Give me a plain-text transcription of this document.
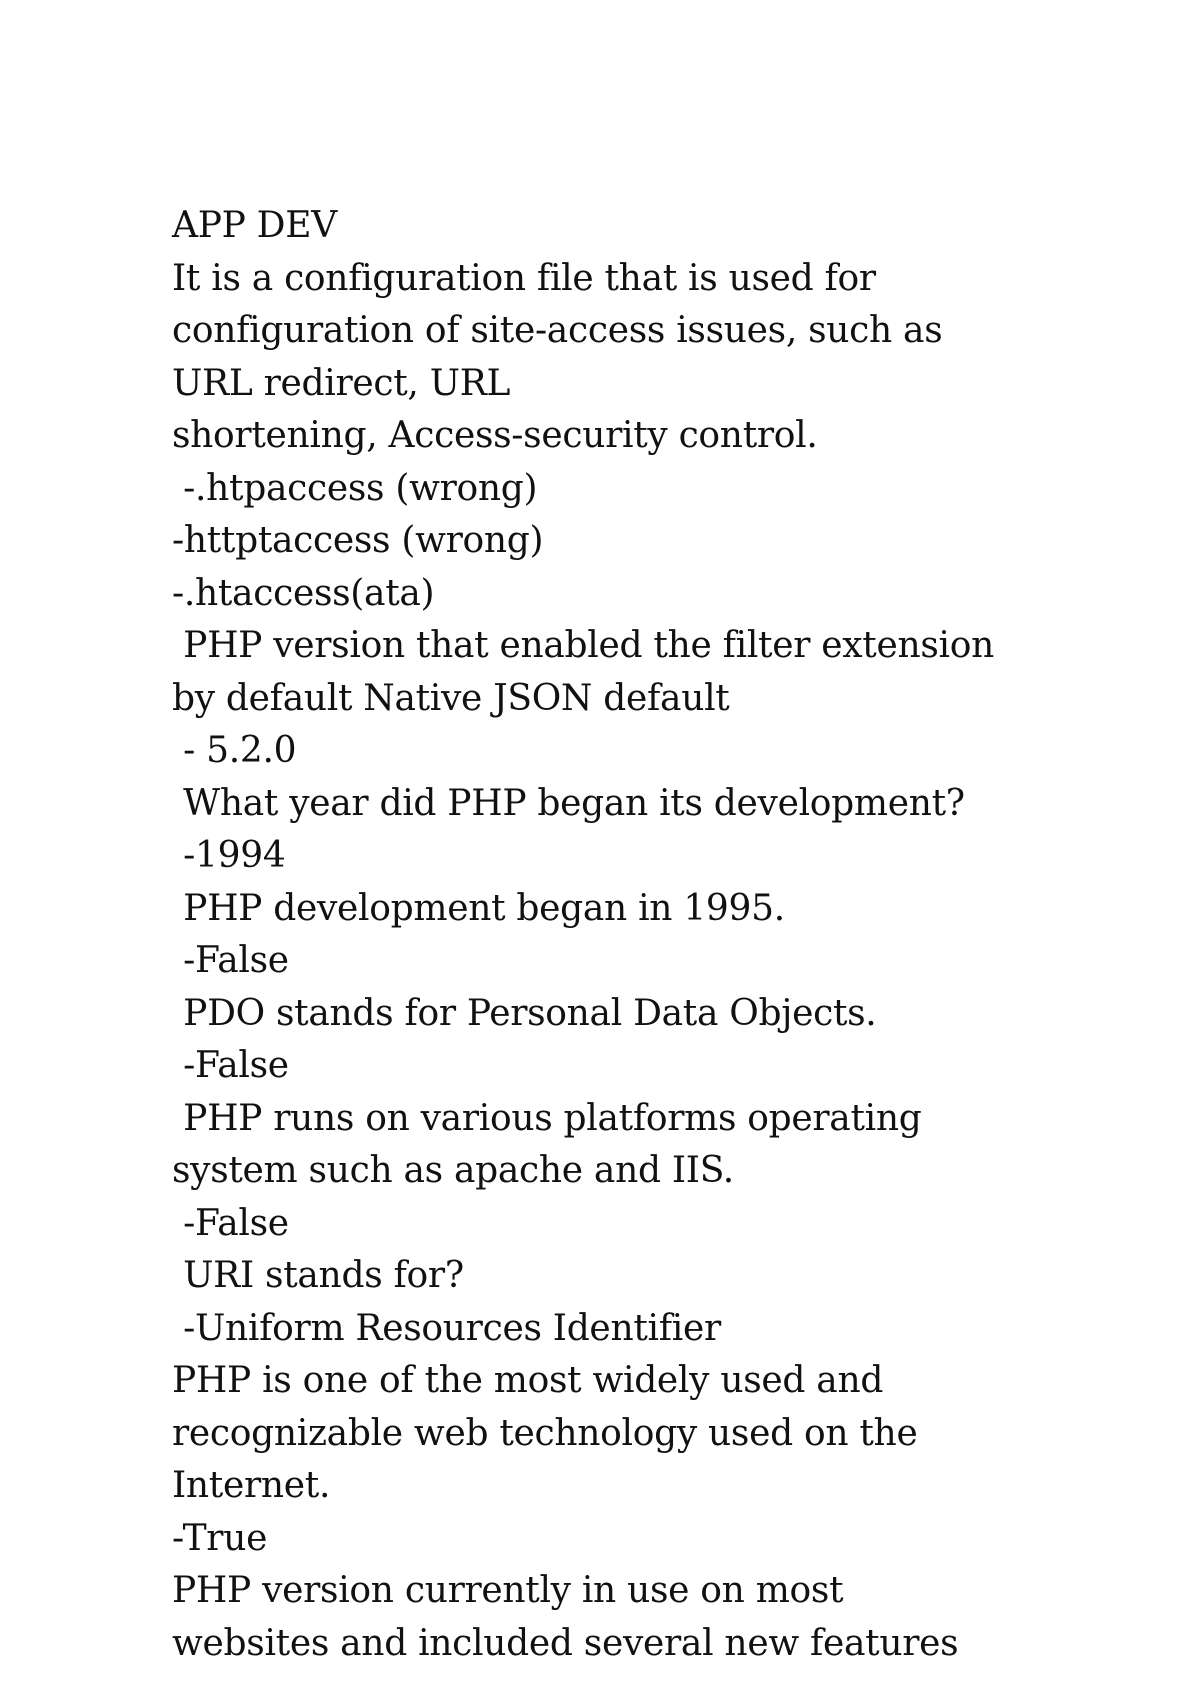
APP DEV
It is a configuration file that is used for
configuration of site-access issues, such as
URL redirect, URL
shortening, Access-security control.
-.htpaccess (wrong)
-httptaccess (wrong)
-.htaccess(ata)
PHP version that enabled the filter extension
by default Native JSON default
- 5.2.0
What year did PHP began its development?
-1994
PHP development began in 1995.
-False
PDO stands for Personal Data Objects.
-False
PHP runs on various platforms operating
system such as apache and IIS.
-False
URI stands for?
-Uniform Resources Identifier
PHP is one of the most widely used and
recognizable web technology used on the
Internet.
-True
PHP version currently in use on most
websites and included several new features
